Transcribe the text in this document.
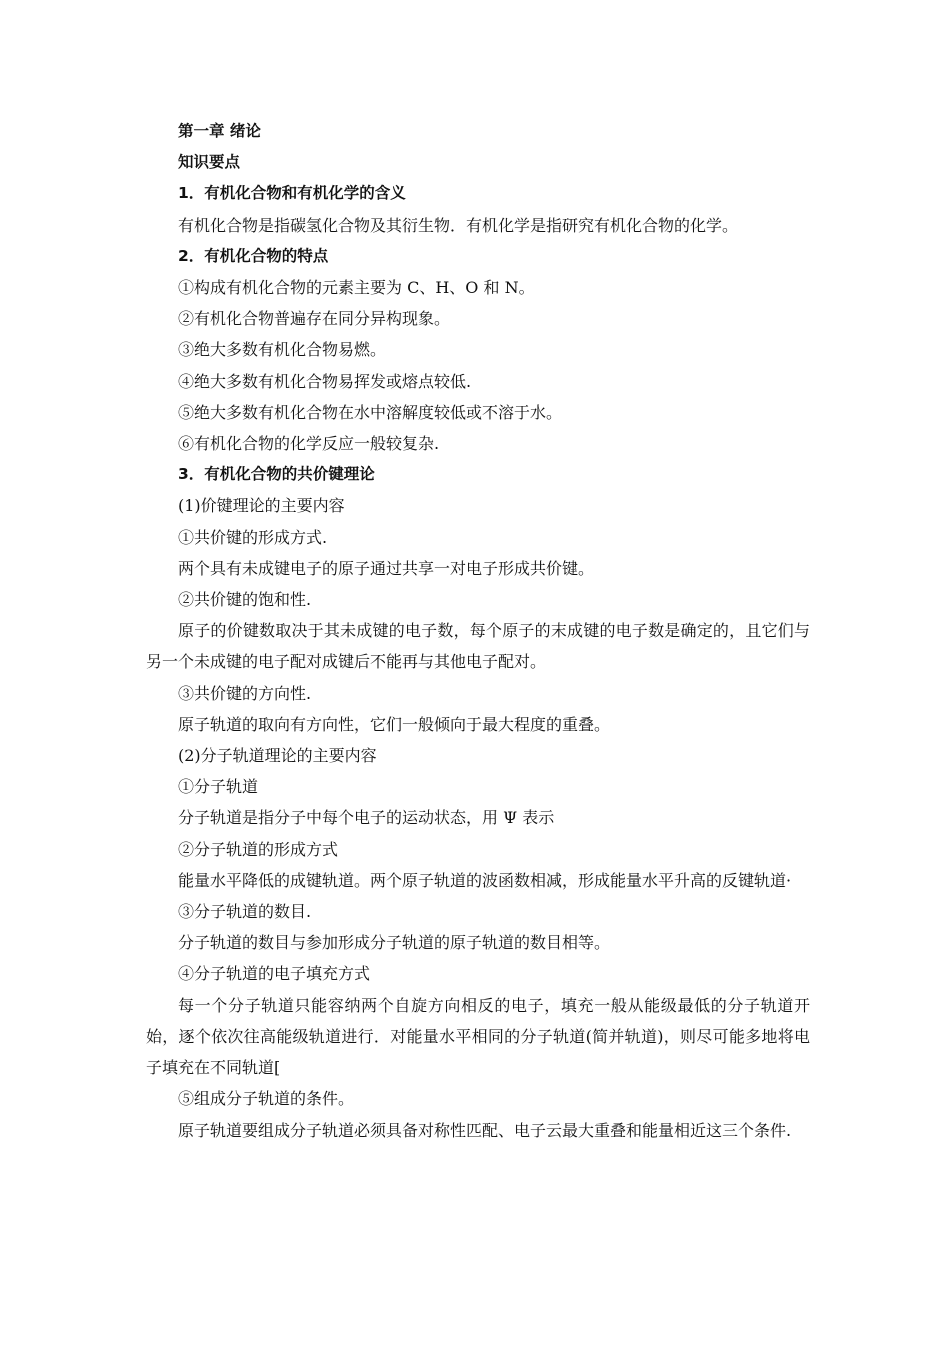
第一章 绪论

知识要点

1．有机化合物和有机化学的含义

有机化合物是指碳氢化合物及其衍生物．有机化学是指研究有机化合物的化学。

2．有机化合物的特点

①构成有机化合物的元素主要为 C、H、O 和 N。

②有机化合物普遍存在同分异构现象。

③绝大多数有机化合物易燃。

④绝大多数有机化合物易挥发或熔点较低.

⑤绝大多数有机化合物在水中溶解度较低或不溶于水。

⑥有机化合物的化学反应一般较复杂.

3．有机化合物的共价键理论

(1)价键理论的主要内容

①共价键的形成方式.

两个具有未成键电子的原子通过共享一对电子形成共价键。

②共价键的饱和性.

原子的价键数取决于其未成键的电子数，每个原子的末成键的电子数是确定的，且它们与另一个未成键的电子配对成键后不能再与其他电子配对。

③共价键的方向性.

原子轨道的取向有方向性，它们一般倾向于最大程度的重叠。

(2)分子轨道理论的主要内容

①分子轨道

分子轨道是指分子中每个电子的运动状态，用 Ψ 表示

②分子轨道的形成方式

能量水平降低的成键轨道。两个原子轨道的波函数相减，形成能量水平升高的反键轨道·

③分子轨道的数目.

分子轨道的数目与参加形成分子轨道的原子轨道的数目相等。

④分子轨道的电子填充方式

每一个分子轨道只能容纳两个自旋方向相反的电子，填充一般从能级最低的分子轨道开始，逐个依次往高能级轨道进行．对能量水平相同的分子轨道(简并轨道)，则尽可能多地将电子填充在不同轨道[

⑤组成分子轨道的条件。

原子轨道要组成分子轨道必须具备对称性匹配、电子云最大重叠和能量相近这三个条件.
